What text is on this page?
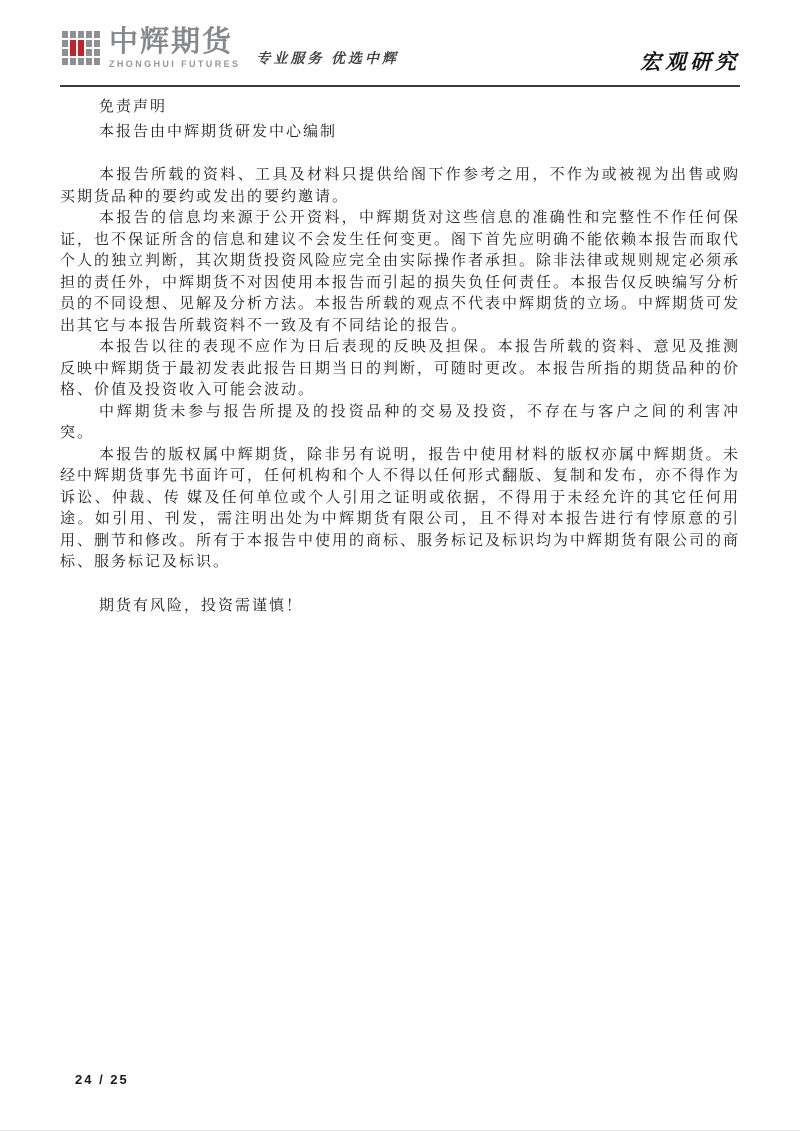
中辉期货
ZHONGHUI FUTURES 专业服务 优选中辉	宏观研究

免责声明

本报告由中辉期货研发中心编制

本报告所载的资料、工具及材料只提供给阁下作参考之用，不作为或被视为出售或购买期货品种的要约或发出的要约邀请。

本报告的信息均来源于公开资料，中辉期货对这些信息的准确性和完整性不作任何保证，也不保证所含的信息和建议不会发生任何变更。阁下首先应明确不能依赖本报告而取代个人的独立判断，其次期货投资风险应完全由实际操作者承担。除非法律或规则规定必须承担的责任外，中辉期货不对因使用本报告而引起的损失负任何责任。本报告仅反映编写分析员的不同设想、见解及分析方法。本报告所载的观点不代表中辉期货的立场。中辉期货可发出其它与本报告所载资料不一致及有不同结论的报告。

本报告以往的表现不应作为日后表现的反映及担保。本报告所载的资料、意见及推测反映中辉期货于最初发表此报告日期当日的判断，可随时更改。本报告所指的期货品种的价格、价值及投资收入可能会波动。

中辉期货未参与报告所提及的投资品种的交易及投资，不存在与客户之间的利害冲突。

本报告的版权属中辉期货，除非另有说明，报告中使用材料的版权亦属中辉期货。未经中辉期货事先书面许可，任何机构和个人不得以任何形式翻版、复制和发布，亦不得作为诉讼、仲裁、传 媒及任何单位或个人引用之证明或依据，不得用于未经允许的其它任何用途。如引用、刊发，需注明出处为中辉期货有限公司，且不得对本报告进行有悖原意的引用、删节和修改。所有于本报告中使用的商标、服务标记及标识均为中辉期货有限公司的商标、服务标记及标识。

期货有风险，投资需谨慎！

24 / 25
